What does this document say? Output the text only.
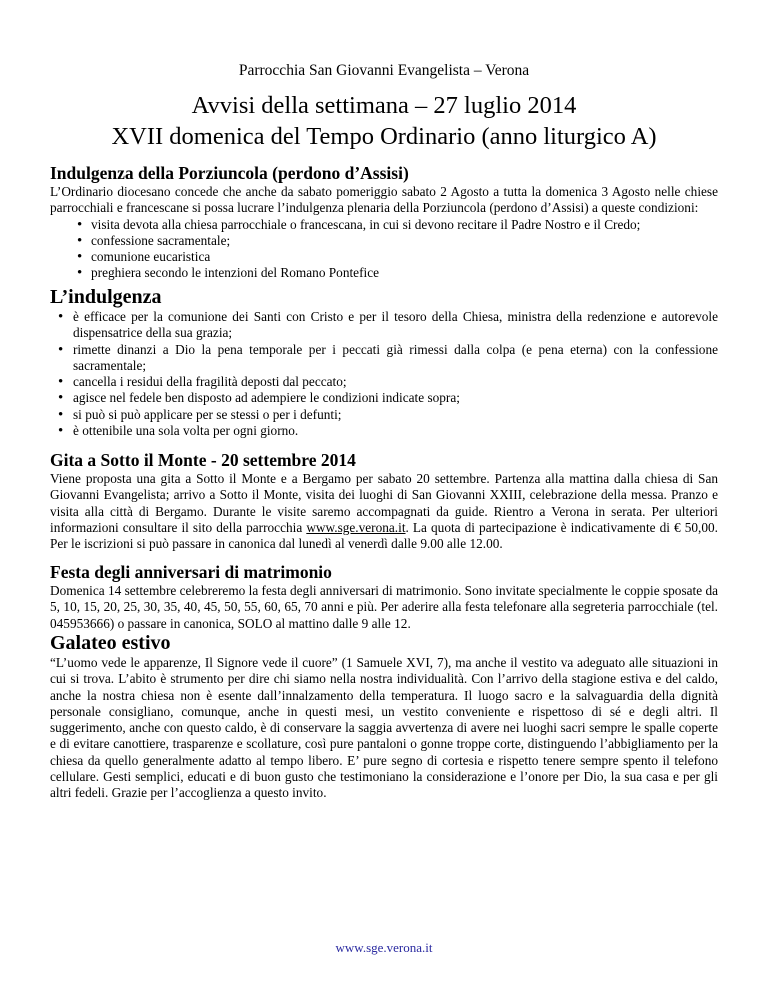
Parrocchia San Giovanni Evangelista – Verona
Avvisi della settimana – 27 luglio 2014
XVII domenica del Tempo Ordinario (anno liturgico A)
Indulgenza della Porziuncola (perdono d’Assisi)

L’Ordinario diocesano concede che anche da sabato pomeriggio sabato 2 Agosto a tutta la domenica 3 Agosto nelle chiese parrocchiali e francescane si possa lucrare l’indulgenza plenaria della Porziuncola (perdono d’Assisi) a queste condizioni:

• visita devota alla chiesa parrocchiale o francescana, in cui si devono recitare il Padre Nostro e il Credo;
• confessione sacramentale;
• comunione eucaristica
• preghiera secondo le intenzioni del Romano Pontefice
L’indulgenza
• è efficace per la comunione dei Santi con Cristo e per il tesoro della Chiesa, ministra della redenzione e autorevole dispensatrice della sua grazia;
• rimette dinanzi a Dio la pena temporale per i peccati già rimessi dalla colpa (e pena eterna) con la confessione sacramentale;
• cancella i residui della fragilità deposti dal peccato;
• agisce nel fedele ben disposto ad adempiere le condizioni indicate sopra;
• si può si può applicare per se stessi o per i defunti;
• è ottenibile una sola volta per ogni giorno.
Gita a Sotto il Monte - 20 settembre 2014

Viene proposta una gita a Sotto il Monte e a Bergamo per sabato 20 settembre. Partenza alla mattina dalla chiesa di San Giovanni Evangelista; arrivo a Sotto il Monte, visita dei luoghi di San Giovanni XXIII, celebrazione della messa. Pranzo e visita alla città di Bergamo. Durante le visite saremo accompagnati da guide. Rientro a Verona in serata. Per ulteriori informazioni consultare il sito della parrocchia www.sge.verona.it. La quota di partecipazione è indicativamente di € 50,00. Per le iscrizioni si può passare in canonica dal lunedì al venerdì dalle 9.00 alle 12.00.

Festa degli anniversari di matrimonio

Domenica 14 settembre celebreremo la festa degli anniversari di matrimonio. Sono invitate specialmente le coppie sposate da 5, 10, 15, 20, 25, 30, 35, 40, 45, 50, 55, 60, 65, 70 anni e più. Per aderire alla festa telefonare alla segreteria parrocchiale (tel. 045953666) o passare in canonica, SOLO al mattino dalle 9 alle 12.

Galateo estivo

“L’uomo vede le apparenze, Il Signore vede il cuore” (1 Samuele XVI, 7), ma anche il vestito va adeguato alle situazioni in cui si trova. L’abito è strumento per dire chi siamo nella nostra individualità. Con l’arrivo della stagione estiva e del caldo, anche la nostra chiesa non è esente dall’innalzamento della temperatura. Il luogo sacro e la salvaguardia della dignità personale consigliano, comunque, anche in questi mesi, un vestito conveniente e rispettoso di sé e degli altri. Il suggerimento, anche con questo caldo, è di conservare la saggia avvertenza di avere nei luoghi sacri sempre le spalle coperte e di evitare canottiere, trasparenze e scollature, così pure pantaloni o gonne troppe corte, distinguendo l’abbigliamento per la chiesa da quello generalmente adatto al tempo libero. E’ pure segno di cortesia e rispetto tenere sempre spento il telefono cellulare. Gesti semplici, educati e di buon gusto che testimoniano la considerazione e l’onore per Dio, la sua casa e per gli altri fedeli. Grazie per l’accoglienza a questo invito.

www.sge.verona.it
